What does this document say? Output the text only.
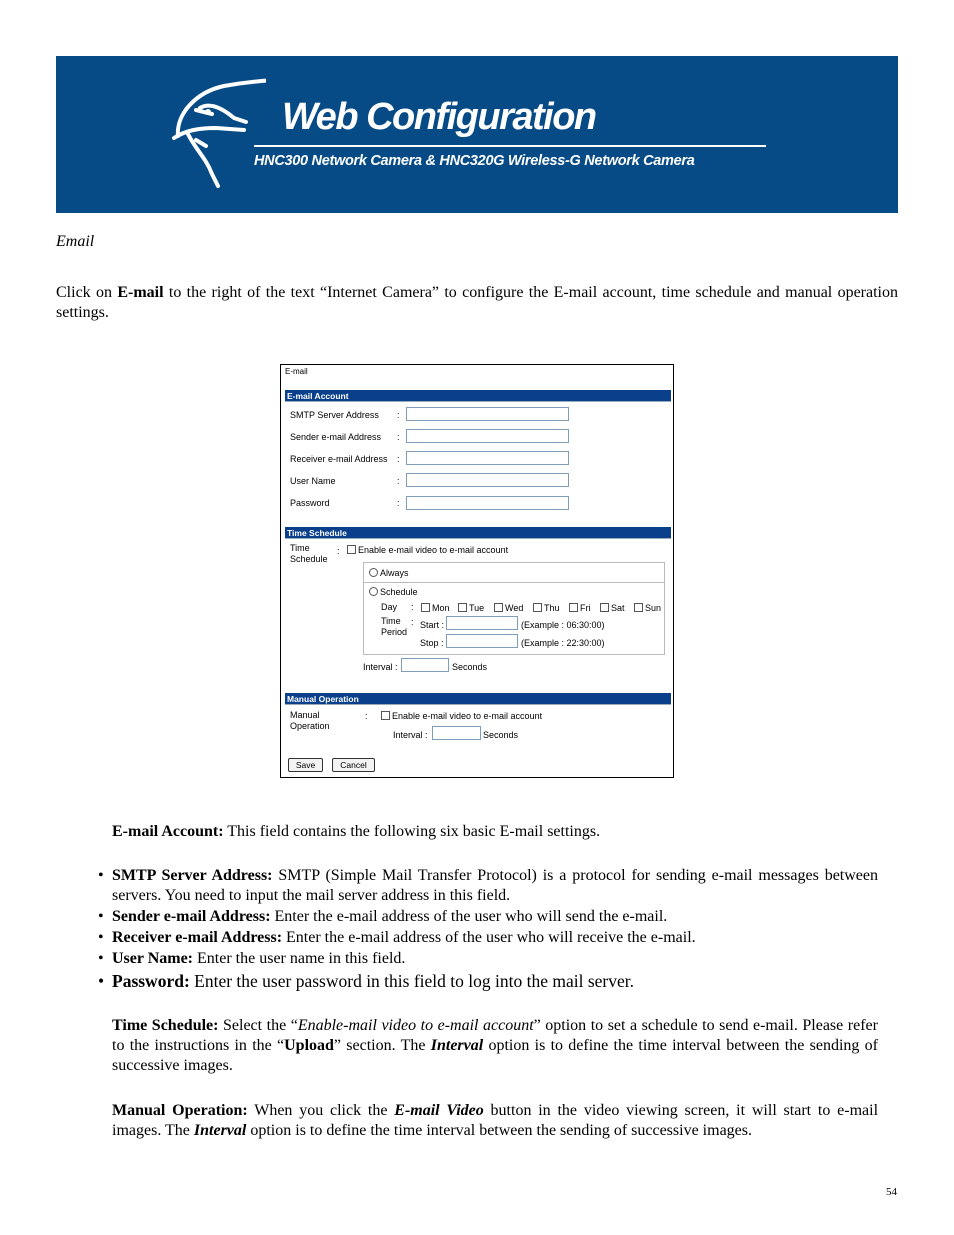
Web Configuration
HNC300 Network Camera & HNC320G Wireless-G Network Camera
Email
Click on E-mail to the right of the text “Internet Camera” to configure the E-mail account, time schedule and manual operation settings.
E-mail
E-mail Account
SMTP Server Address :
Sender e-mail Address :
Receiver e-mail Address :
User Name	:
Password	:
Time Schedule
Time
Schedule
:	Enable e-mail video to e-mail account
Always
Schedule
Day :	Mon	Tue	Wed	Thu	Fri	Sat	Sun
Time
Period
: Start :	(Example : 06:30:00)
Stop :	(Example : 22:30:00)
Interval :	Seconds
Manual Operation
Manual
Operation
:	Enable e-mail video to e-mail account
Interval :	Seconds
Save	Cancel
E-mail Account: This field contains the following six basic E-mail settings.
• SMTP Server Address: SMTP (Simple Mail Transfer Protocol) is a protocol for sending e-mail messages between servers. You need to input the mail server address in this field.
• Sender e-mail Address: Enter the e-mail address of the user who will send the e-mail.
• Receiver e-mail Address: Enter the e-mail address of the user who will receive the e-mail.
• User Name: Enter the user name in this field.
• Password: Enter the user password in this field to log into the mail server.
Time Schedule: Select the “Enable-mail video to e-mail account” option to set a schedule to send e-mail. Please refer to the instructions in the “Upload” section. The Interval option is to define the time interval between the sending of successive images.
Manual Operation: When you click the E-mail Video button in the video viewing screen, it will start to e-mail images. The Interval option is to define the time interval between the sending of successive images.
54
